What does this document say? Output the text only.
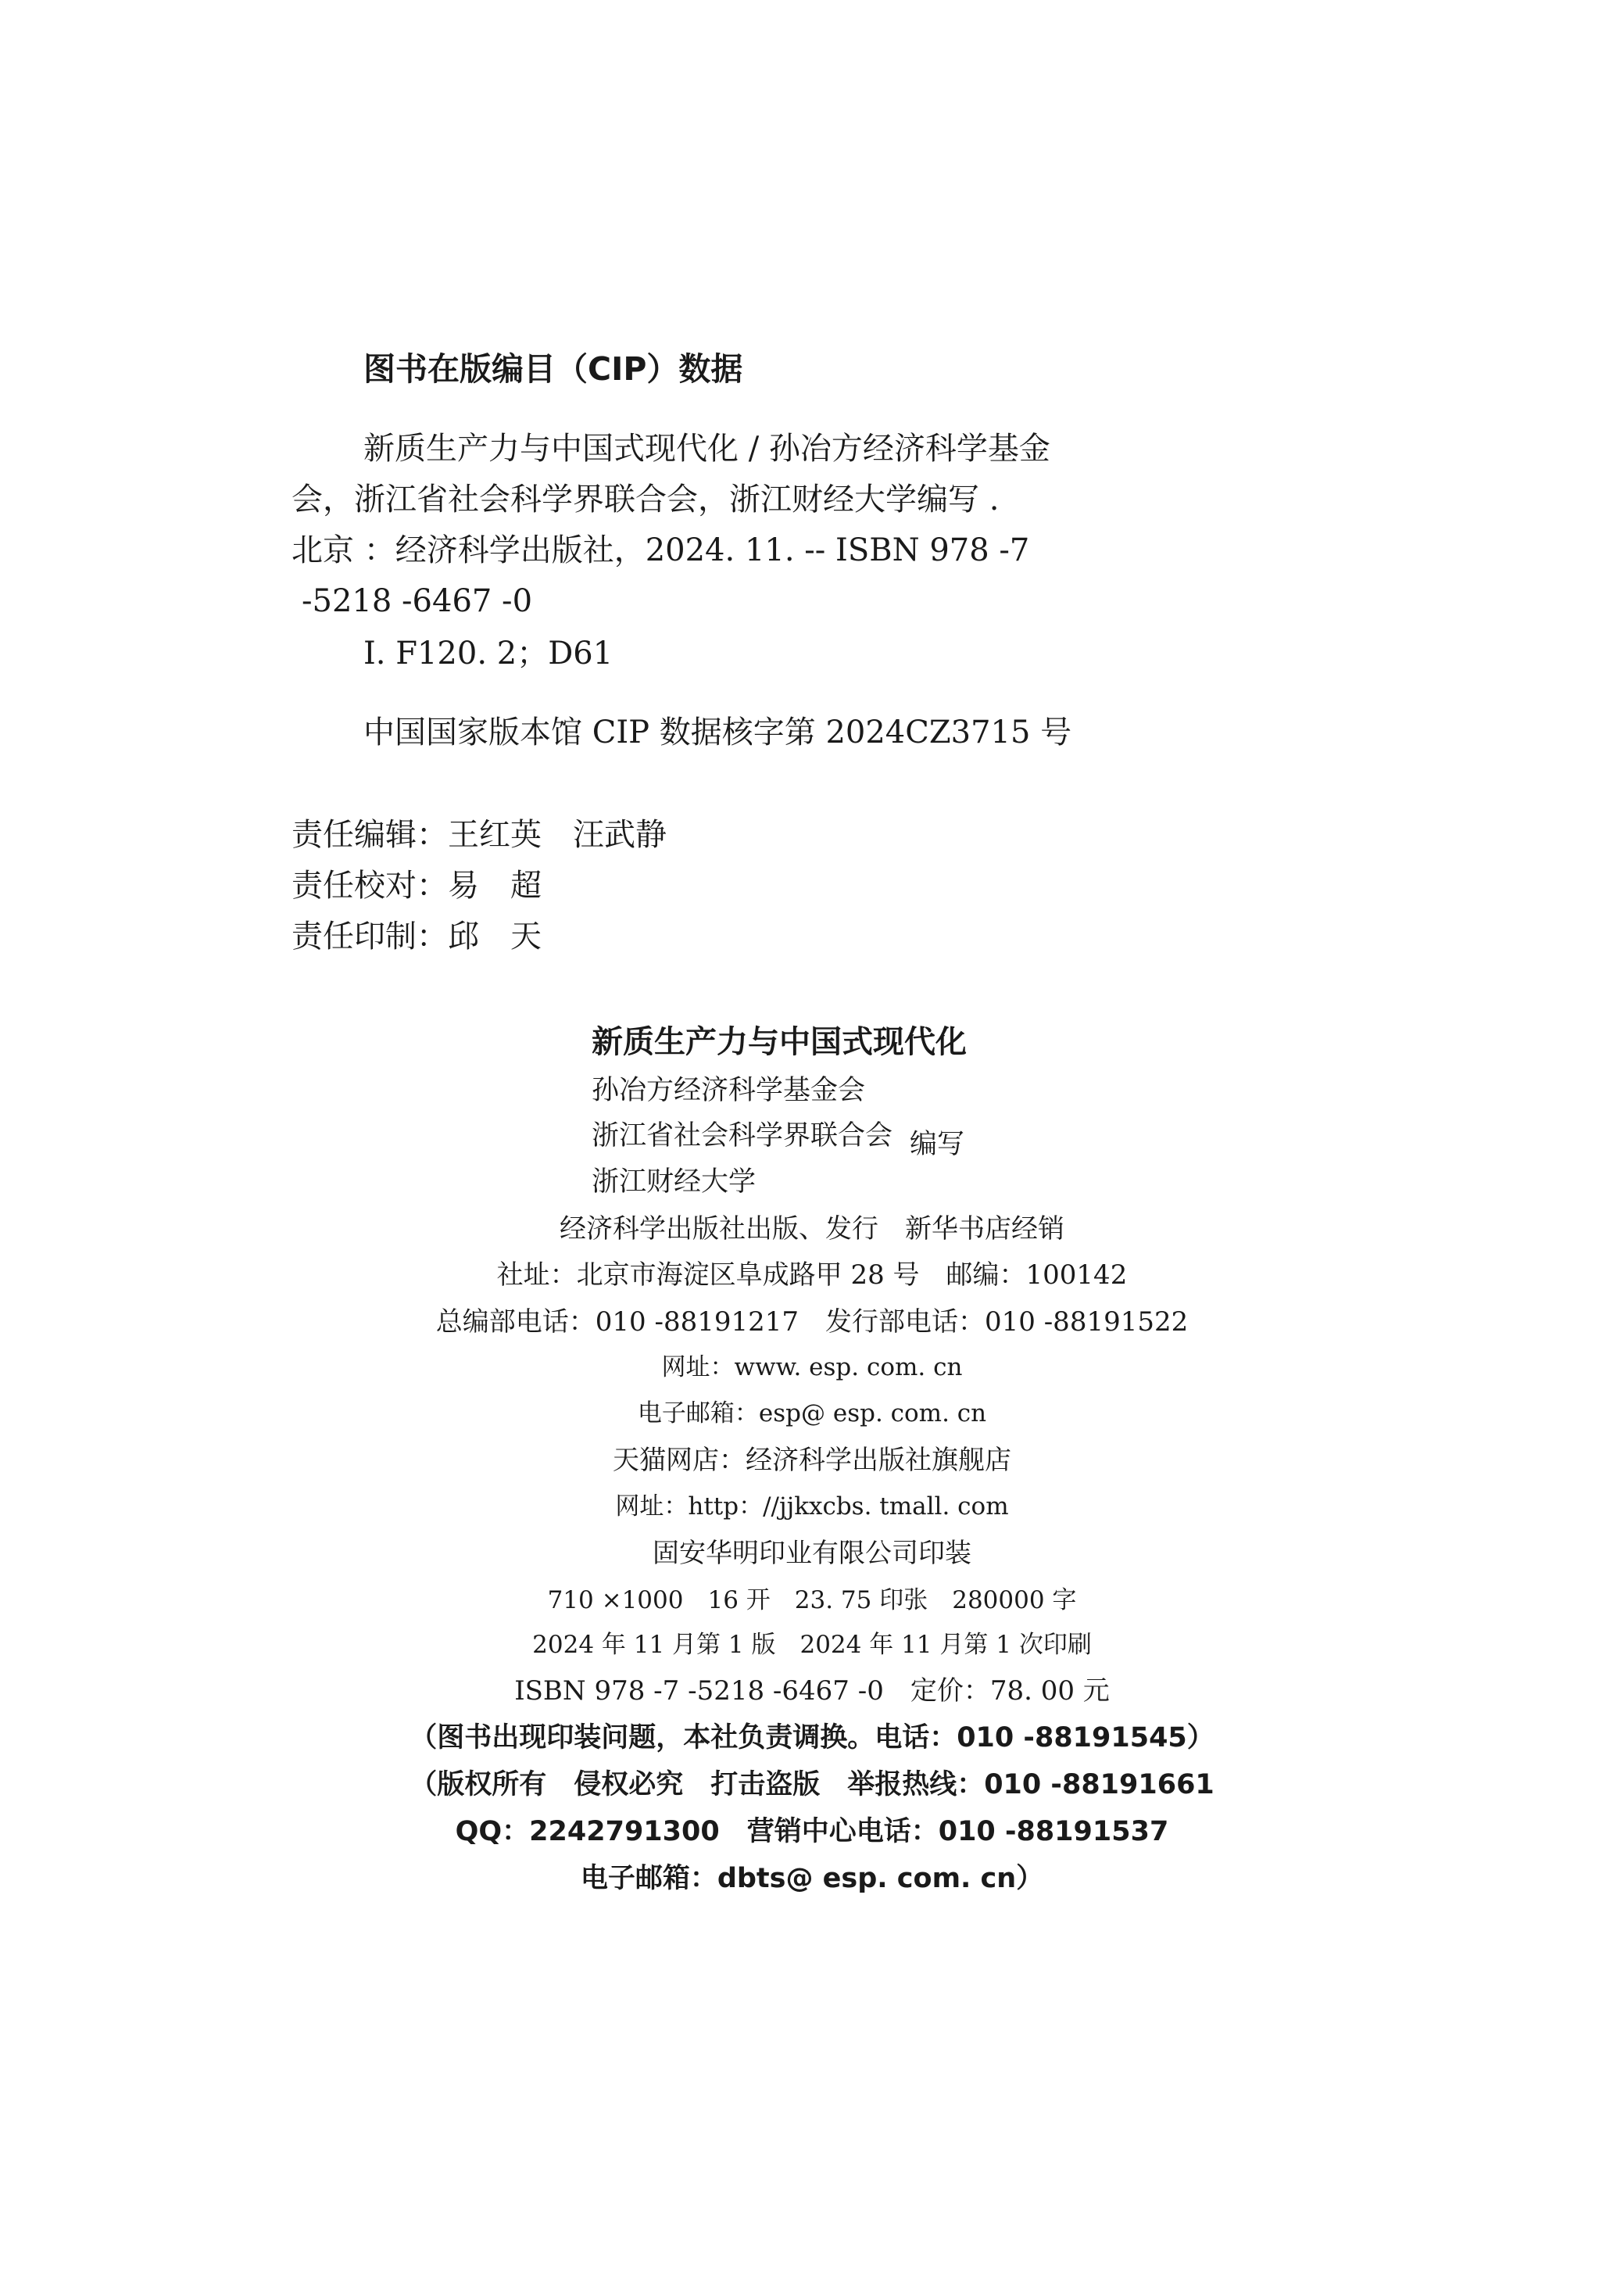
图书在版编目（CIP）数据
新质生产力与中国式现代化 / 孙冶方经济科学基金
会，浙江省社会科学界联合会，浙江财经大学编写 .
北京 ：经济科学出版社，2024. 11. -- ISBN 978 -7
-5218 -6467 -0
Ⅰ. F120. 2；D61
中国国家版本馆 CIP 数据核字第 2024CZ3715 号
责任编辑：王红英　汪武静
责任校对：易　超
责任印制：邱　天
新质生产力与中国式现代化
孙冶方经济科学基金会
浙江省社会科学界联合会 编写
浙江财经大学
经济科学出版社出版、发行　新华书店经销
社址：北京市海淀区阜成路甲 28 号　邮编：100142
总编部电话：010 -88191217　发行部电话：010 -88191522
网址：www. esp. com. cn
电子邮箱：esp@ esp. com. cn
天猫网店：经济科学出版社旗舰店
网址：http：//jjkxcbs. tmall. com
固安华明印业有限公司印装
710 ×1000　16 开　23. 75 印张　280000 字
2024 年 11 月第 1 版　2024 年 11 月第 1 次印刷
ISBN 978 -7 -5218 -6467 -0　定价：78. 00 元
（图书出现印装问题，本社负责调换。电话：010 -88191545）
（版权所有　侵权必究　打击盗版　举报热线：010 -88191661
QQ：2242791300　营销中心电话：010 -88191537
电子邮箱：dbts@ esp. com. cn）
